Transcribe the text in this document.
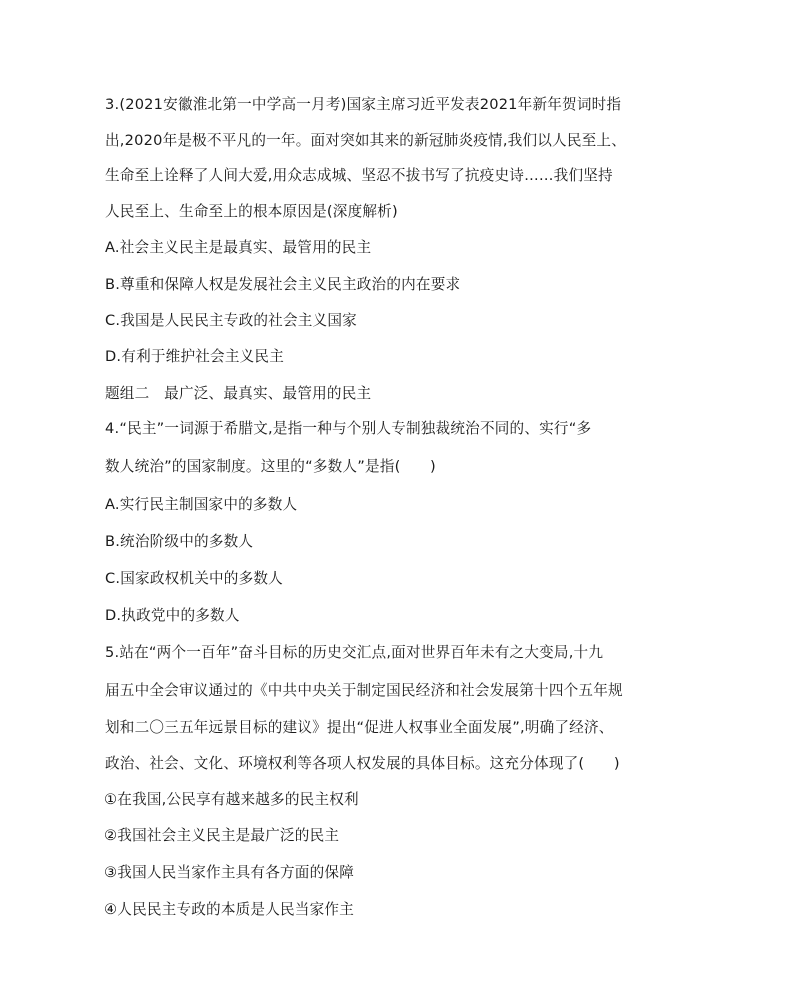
3.(2021安徽淮北第一中学高一月考)国家主席习近平发表2021年新年贺词时指
出,2020年是极不平凡的一年。面对突如其来的新冠肺炎疫情,我们以人民至上、
生命至上诠释了人间大爱,用众志成城、坚忍不拔书写了抗疫史诗……我们坚持
人民至上、生命至上的根本原因是(深度解析)
A.社会主义民主是最真实、最管用的民主
B.尊重和保障人权是发展社会主义民主政治的内在要求
C.我国是人民民主专政的社会主义国家
D.有利于维护社会主义民主
题组二　最广泛、最真实、最管用的民主
4.“民主”一词源于希腊文,是指一种与个别人专制独裁统治不同的、实行“多
数人统治”的国家制度。这里的“多数人”是指(　　)
A.实行民主制国家中的多数人
B.统治阶级中的多数人
C.国家政权机关中的多数人
D.执政党中的多数人
5.站在“两个一百年”奋斗目标的历史交汇点,面对世界百年未有之大变局,十九
届五中全会审议通过的《中共中央关于制定国民经济和社会发展第十四个五年规
划和二〇三五年远景目标的建议》提出“促进人权事业全面发展”,明确了经济、
政治、社会、文化、环境权利等各项人权发展的具体目标。这充分体现了(　　)
①在我国,公民享有越来越多的民主权利
②我国社会主义民主是最广泛的民主
③我国人民当家作主具有各方面的保障
④人民民主专政的本质是人民当家作主
